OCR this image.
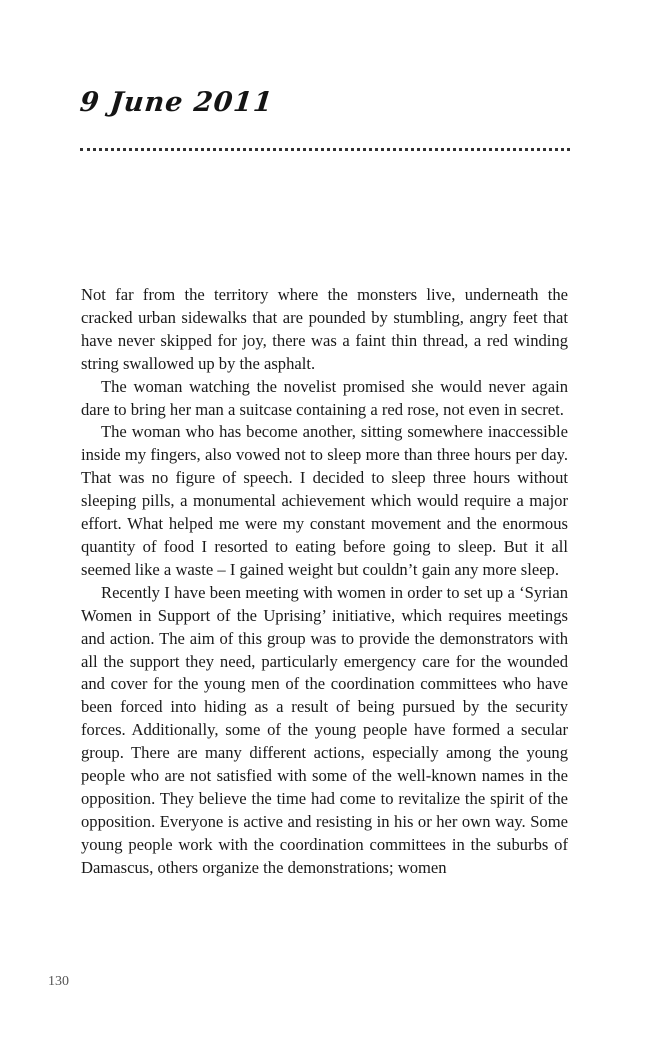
9 June 2011

Not far from the territory where the monsters live, underneath the cracked urban sidewalks that are pounded by stumbling, angry feet that have never skipped for joy, there was a faint thin thread, a red winding string swallowed up by the asphalt.

The woman watching the novelist promised she would never again dare to bring her man a suitcase containing a red rose, not even in secret.

The woman who has become another, sitting somewhere inaccessible inside my fingers, also vowed not to sleep more than three hours per day. That was no figure of speech. I decided to sleep three hours without sleeping pills, a monumental achievement which would require a major effort. What helped me were my constant movement and the enormous quantity of food I resorted to eating before going to sleep. But it all seemed like a waste – I gained weight but couldn’t gain any more sleep.

Recently I have been meeting with women in order to set up a ‘Syrian Women in Support of the Uprising’ initiative, which requires meetings and action. The aim of this group was to provide the demonstrators with all the support they need, particularly emergency care for the wounded and cover for the young men of the coordination committees who have been forced into hiding as a result of being pursued by the security forces. Additionally, some of the young people have formed a secular group. There are many different actions, especially among the young people who are not satisfied with some of the well-known names in the opposition. They believe the time had come to revitalize the spirit of the opposition. Everyone is active and resisting in his or her own way. Some young people work with the coordination committees in the suburbs of Damascus, others organize the demonstrations; women

130
